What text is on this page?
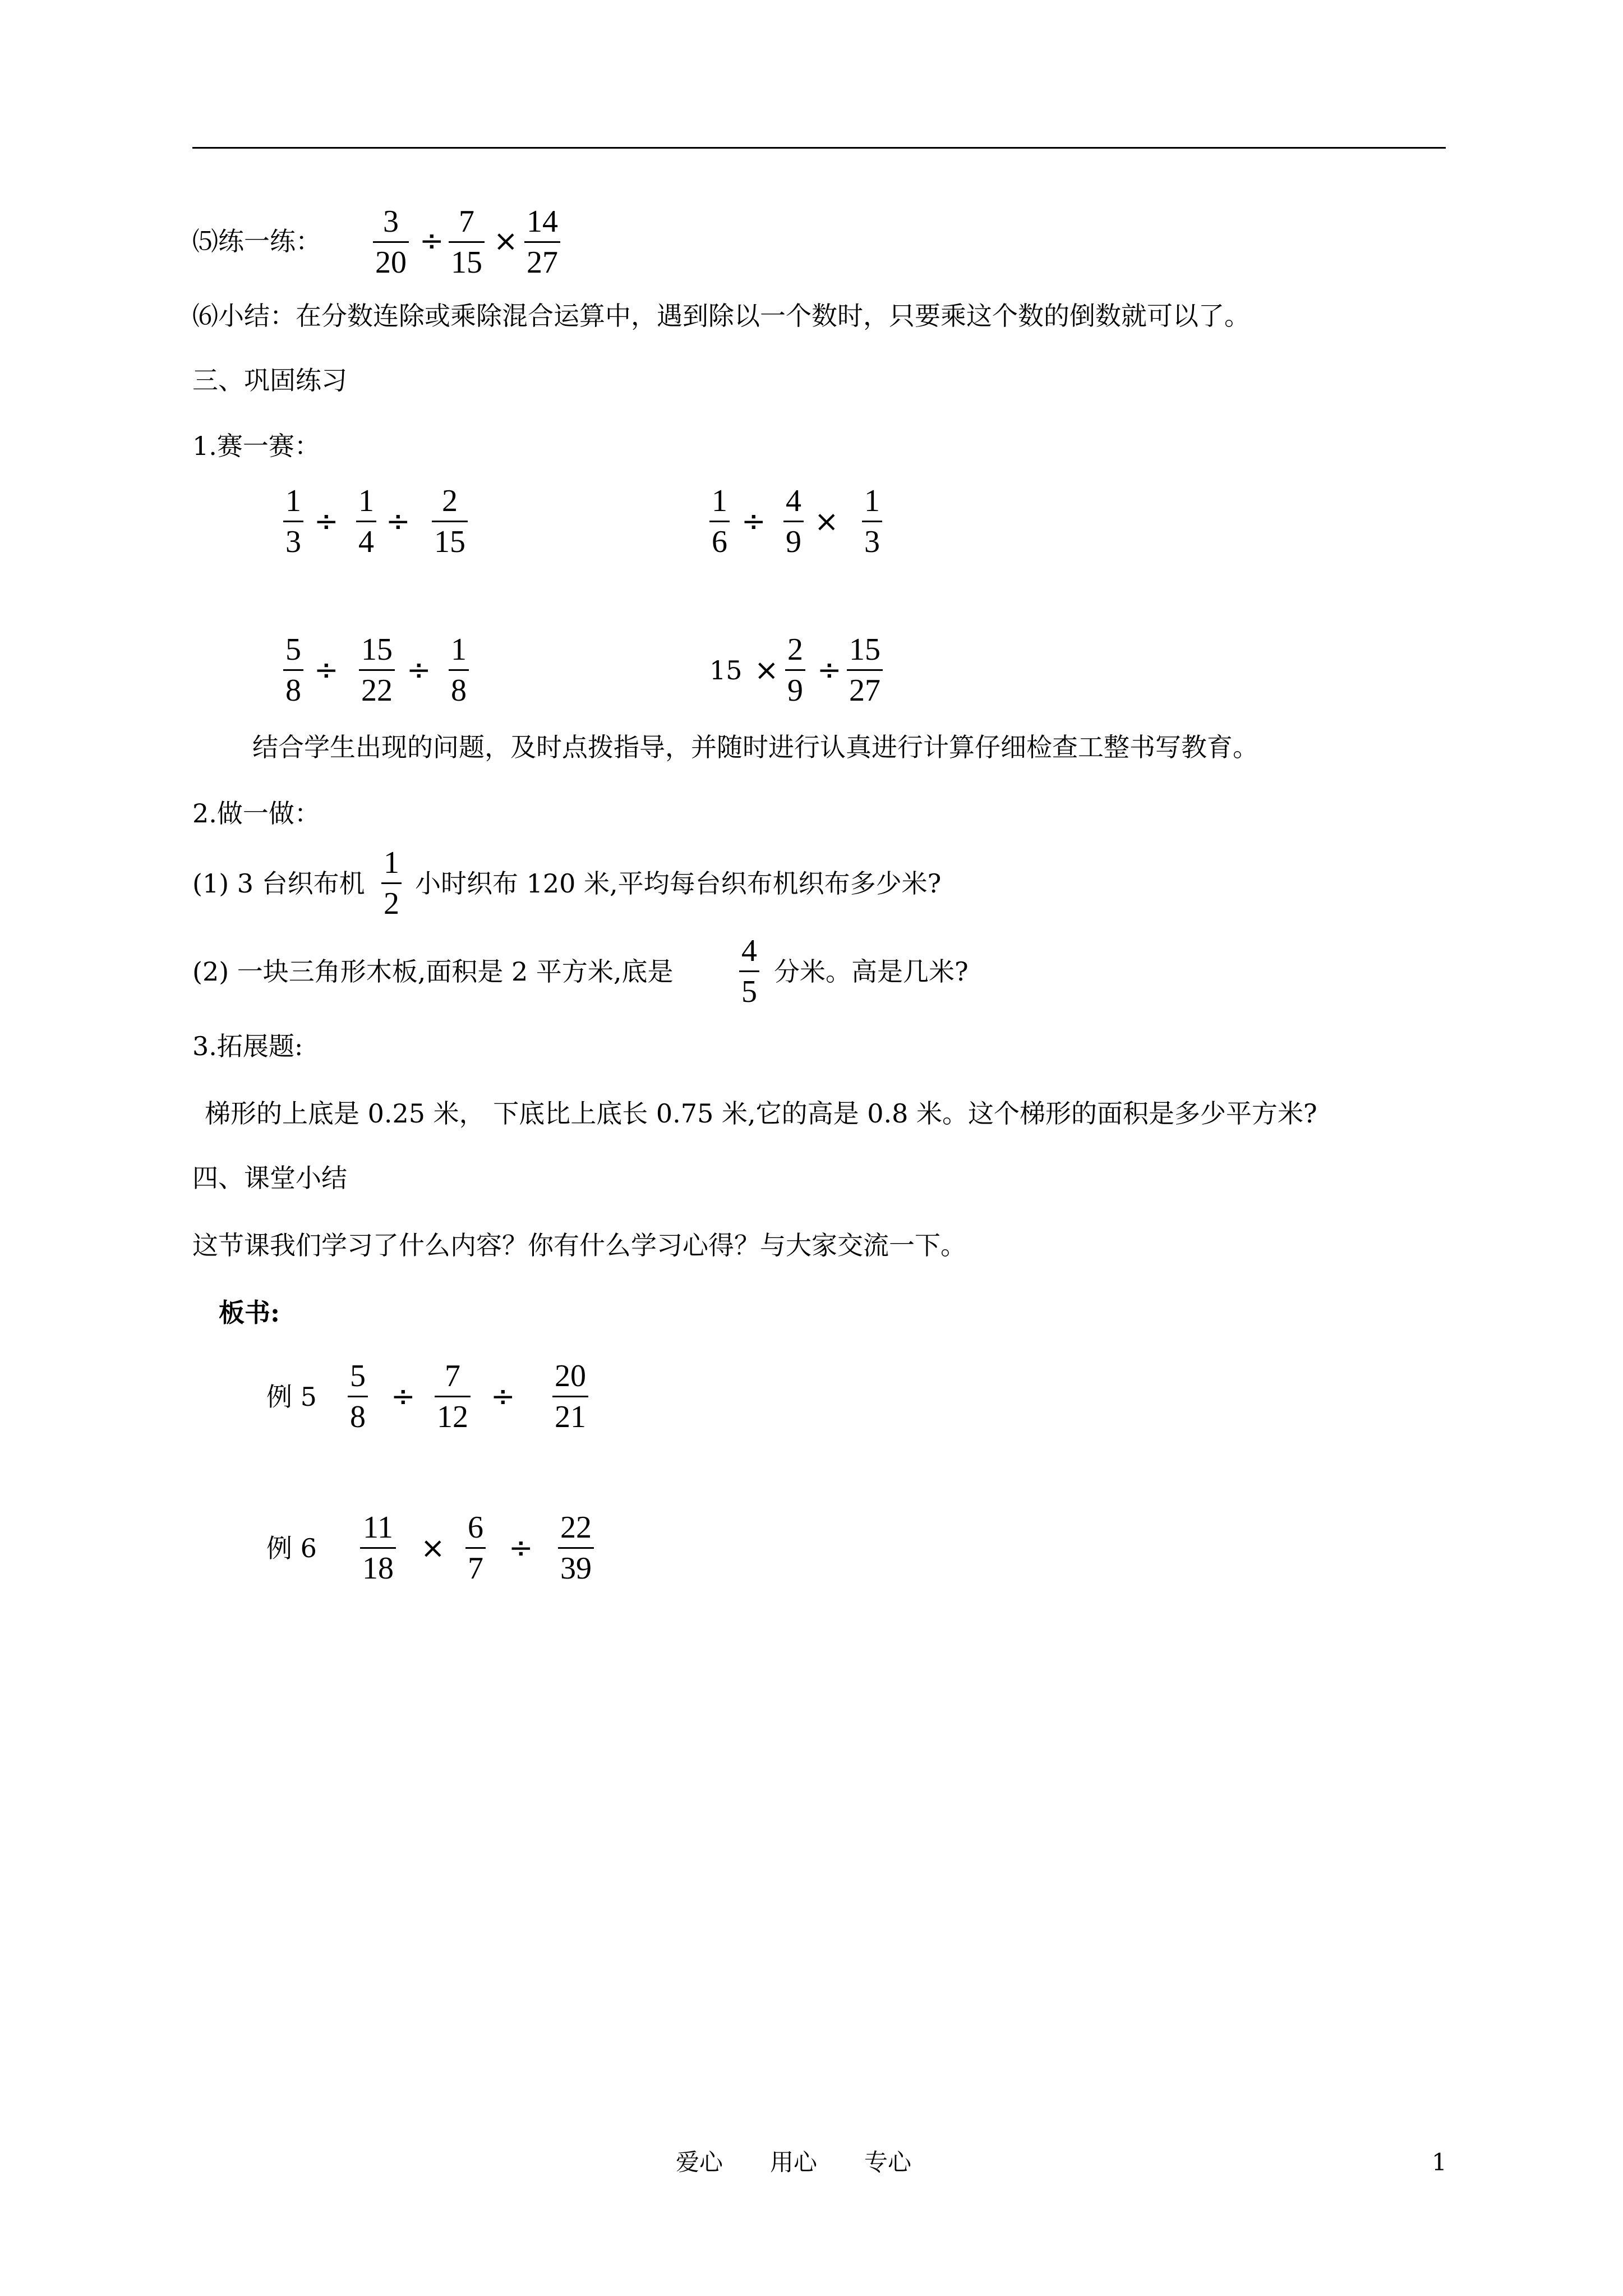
⑸练一练：
3
20
÷
7
15
×
14
27
⑹小结：在分数连除或乘除混合运算中，遇到除以一个数时，只要乘这个数的倒数就可以了。
三、巩固练习
1.赛一赛：
1
3
÷
1
4
÷
2
15
1
6
÷
4
9
×
1
3
5
8
÷
15
22
÷
1
8
15 ×
2
9
÷
15
27
结合学生出现的问题，及时点拨指导，并随时进行认真进行计算仔细检查工整书写教育。
2.做一做：
(1) 3 台织布机
1
2
小时织布 120 米,平均每台织布机织布多少米?
(2) 一块三角形木板,面积是 2 平方米,底是
4
5
分米。高是几米?
3.拓展题:
梯形的上底是 0.25 米， 下底比上底长 0.75 米,它的高是 0.8 米。这个梯形的面积是多少平方米?
四、课堂小结
这节课我们学习了什么内容？你有什么学习心得？与大家交流一下。
板书:
例 5
5
8
÷
7
12
÷
20
21
例 6
11
18
×
6
7
÷
22
39
爱心　　用心　　专心	1
